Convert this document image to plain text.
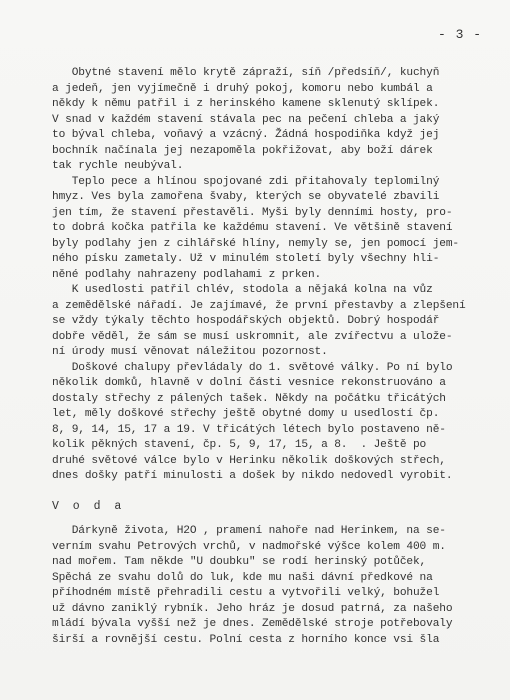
- 3 -
Obytné stavení mělo krytě zápraží, síň /předsíň/, kuchyň
a jedeň, jen vyjímečně i druhý pokoj, komoru nebo kumbál a
někdy k němu patřil i z herinského kamene sklenutý sklípek.
V snad v každém stavení stávala pec na pečení chleba a jaký
to býval chleba, voňavý a vzácný. Žádná hospodiňka když jej
bochník načínala jej nezapoměla pokřižovat, aby boží dárek
tak rychle neubýval.
Teplo pece a hlínou spojované zdi přitahovaly teplomilný
hmyz. Ves byla zamořena švaby, kterých se obyvatelé zbavili
jen tím, že stavení přestavěli. Myši byly denními hosty, pro-
to dobrá kočka patřila ke každému stavení. Ve většině stavení
byly podlahy jen z cihlářské hlíny, nemyly se, jen pomocí jem-
ného písku zametaly. Už v minulém století byly všechny hli-
něné podlahy nahrazeny podlahami z prken.
K usedlosti patřil chlév, stodola a nějaká kolna na vůz
a zemědělské nářadí. Je zajímavé, že první přestavby a zlepšení
se vždy týkaly těchto hospodářských objektů. Dobrý hospodář
dobře věděl, že sám se musí uskromnit, ale zvířectvu a ulože-
ní úrody musí věnovat náležitou pozornost.
Doškové chalupy převládaly do 1. světové války. Po ní bylo
několik domků, hlavně v dolní části vesnice rekonstruováno a
dostaly střechy z pálených tašek. Někdy na počátku třicátých
let, měly doškové střechy ještě obytné domy u usedlostí čp.
8, 9, 14, 15, 17 a 19. V třicátých létech bylo postaveno ně-
kolik pěkných stavení, čp. 5, 9, 17, 15, a 8.  . Ještě po
druhé světové válce bylo v Herinku několik doškových střech,
dnes došky patří minulosti a došek by nikdo nedovedl vyrobit.
V o d a
Dárkyně života, H2O , pramení nahoře nad Herinkem, na se-
verním svahu Petrových vrchů, v nadmořské výšce kolem 400 m.
nad mořem. Tam někde "U doubku" se rodí herinský potůček,
Spěchá ze svahu dolů do luk, kde mu naši dávní předkové na
příhodném místě přehradili cestu a vytvořili velký, bohužel
už dávno zaniklý rybník. Jeho hráz je dosud patrná, za našeho
mládí bývala vyšší než je dnes. Zemědělské stroje potřebovaly
širší a rovnější cestu. Polní cesta z horního konce vsi šla
